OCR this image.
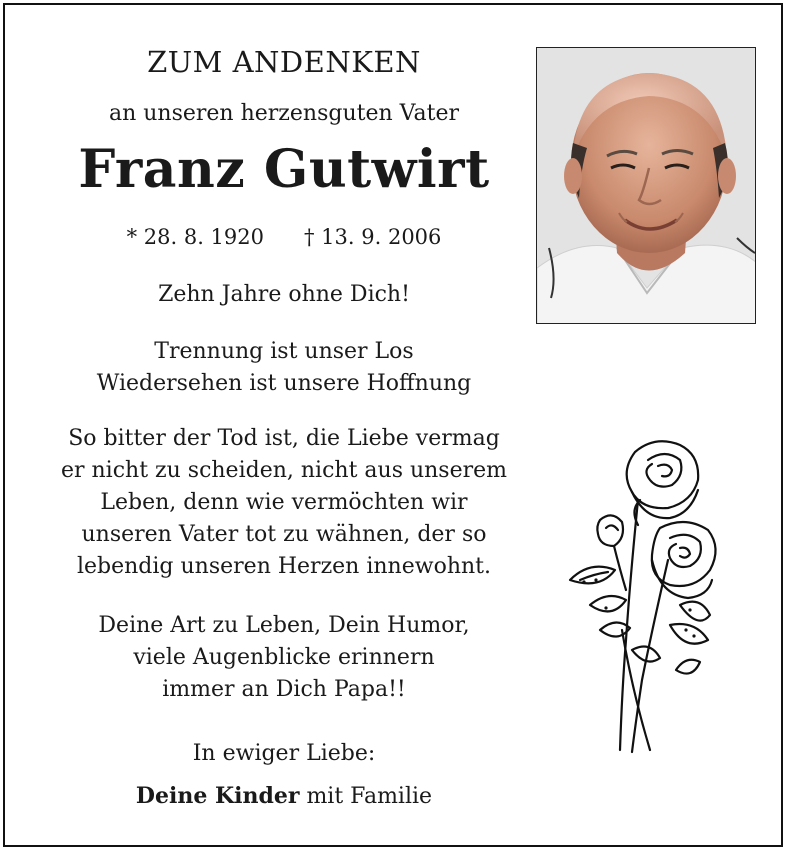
ZUM ANDENKEN
an unseren herzensguten Vater
Franz Gutwirt
* 28. 8. 1920 † 13. 9. 2006
Zehn Jahre ohne Dich!
Trennung ist unser Los
Wiedersehen ist unsere Hoffnung
So bitter der Tod ist, die Liebe vermag
er nicht zu scheiden, nicht aus unserem
Leben, denn wie vermöchten wir
unseren Vater tot zu wähnen, der so
lebendig unseren Herzen innewohnt.
Deine Art zu Leben, Dein Humor,
viele Augenblicke erinnern
immer an Dich Papa!!
In ewiger Liebe:
Deine Kinder mit Familie
